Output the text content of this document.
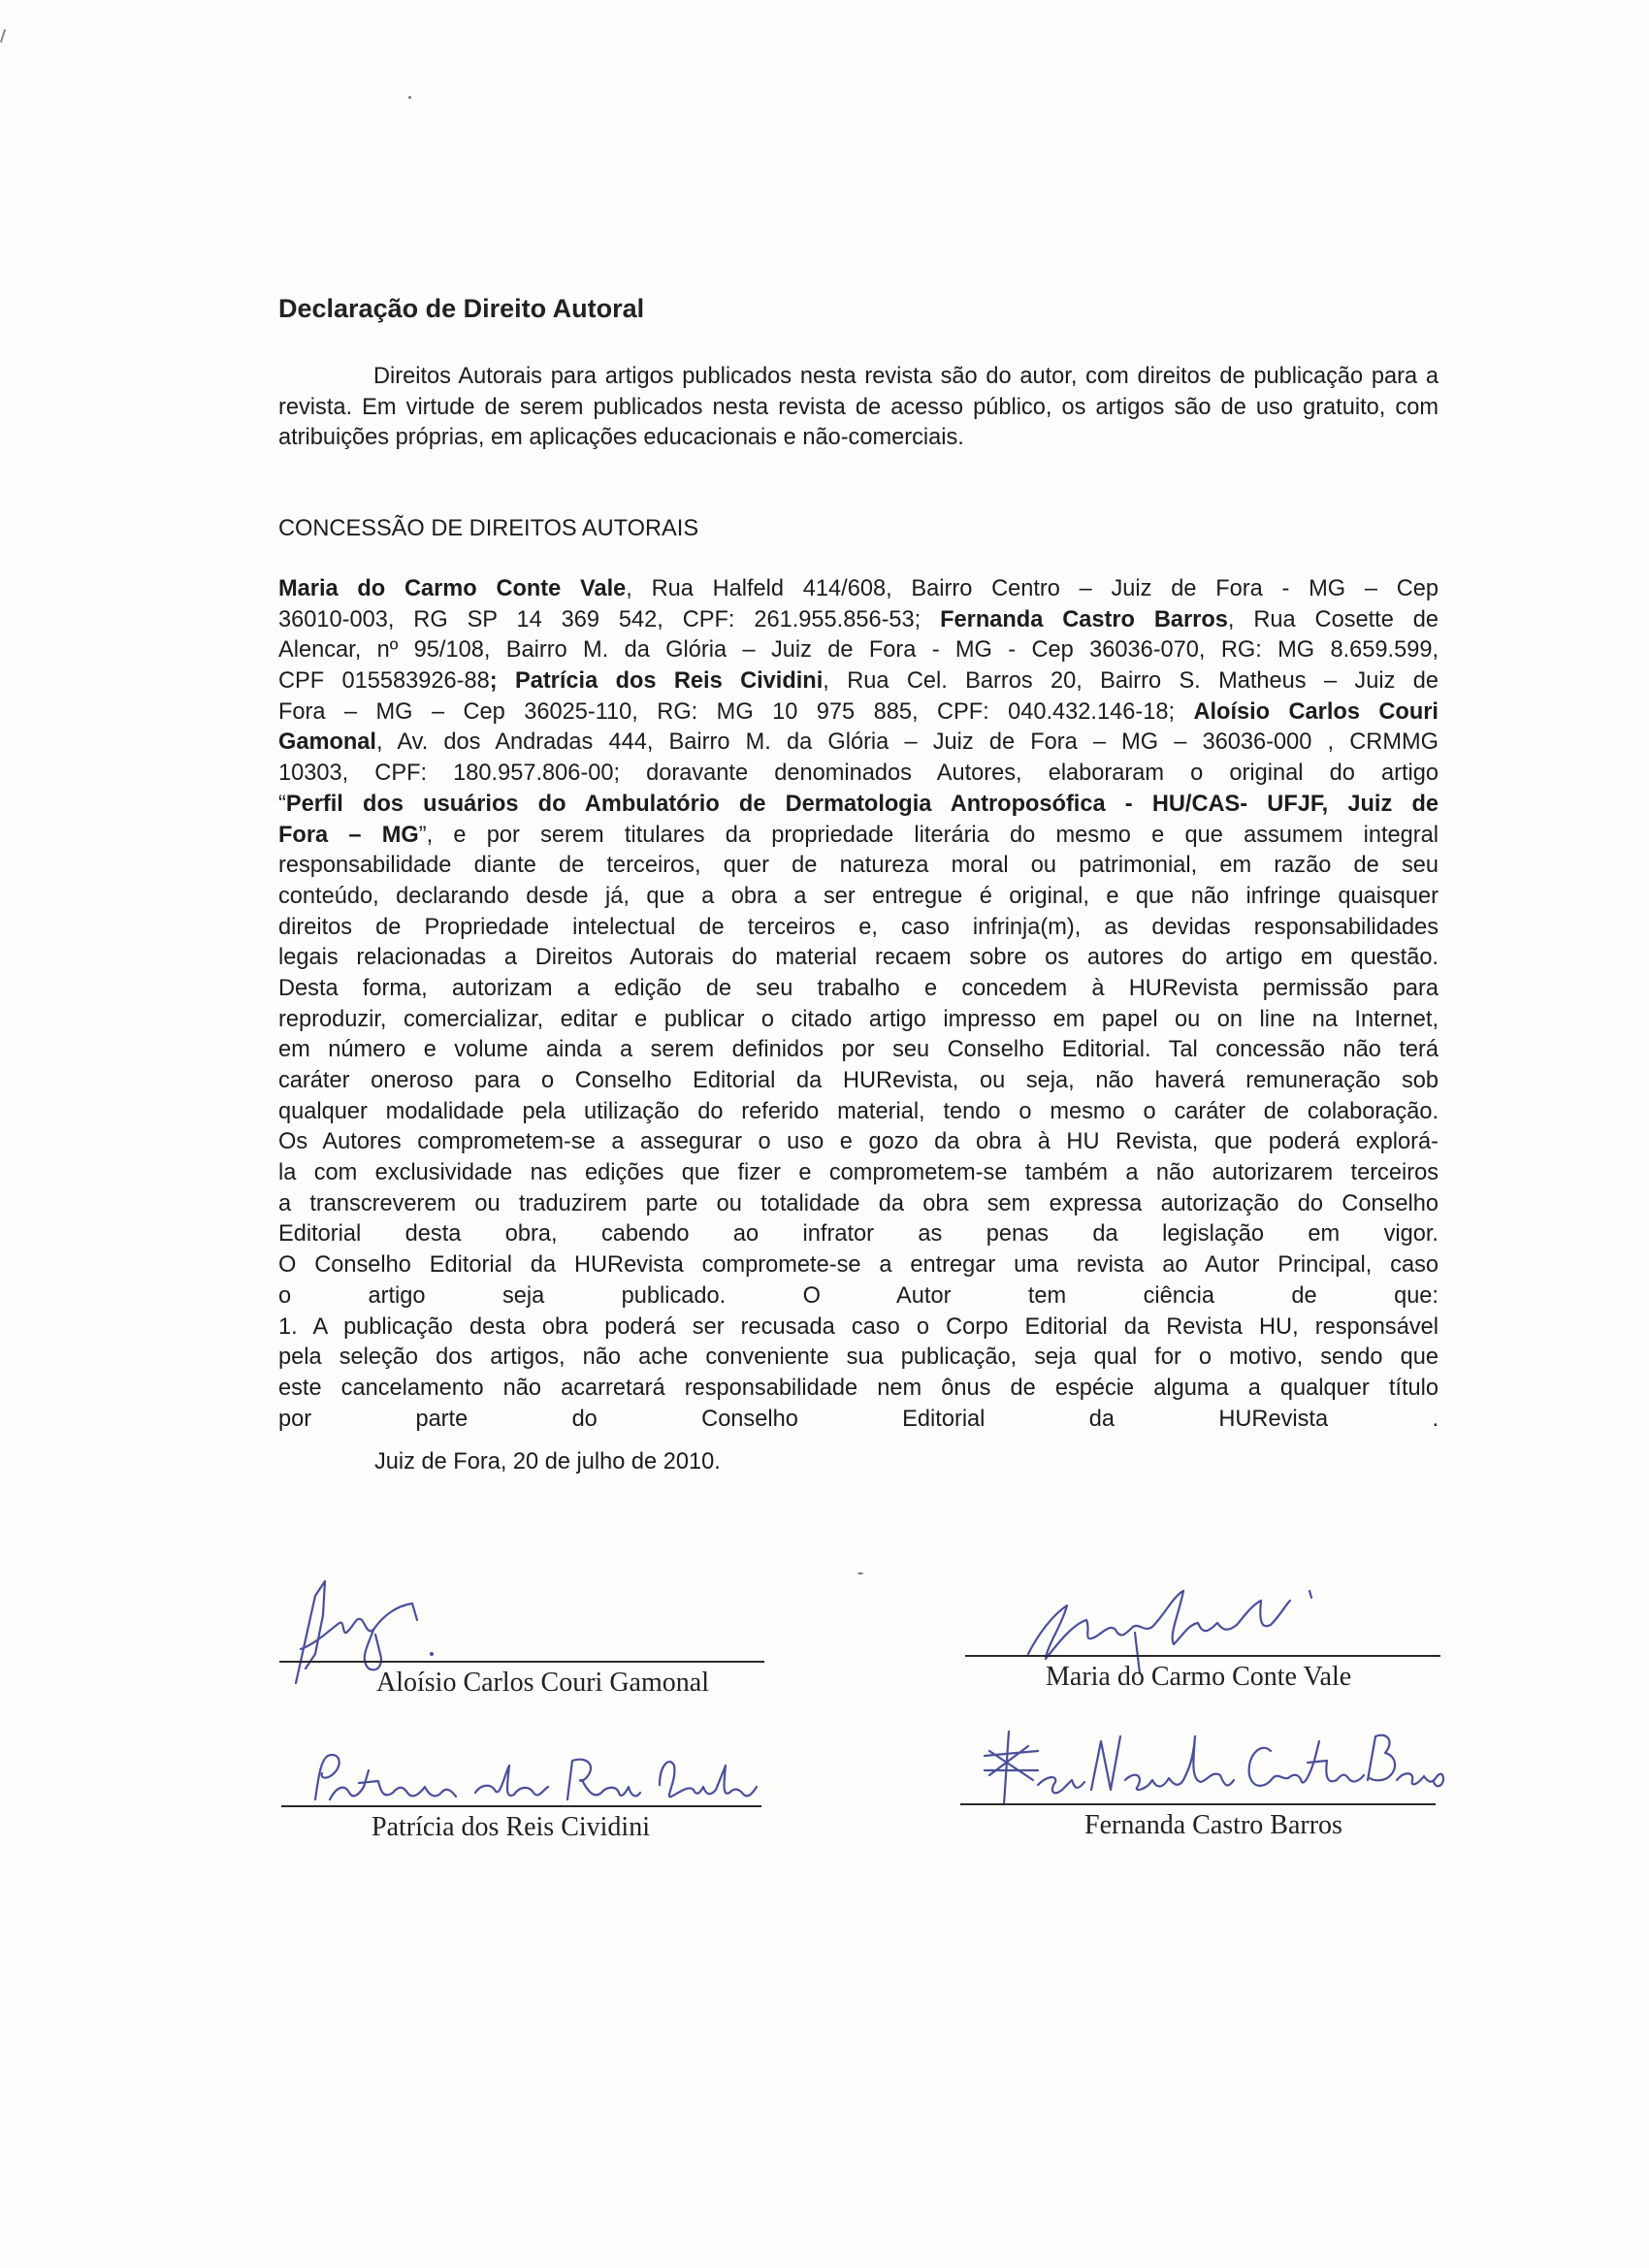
Declaração de Direito Autoral
Direitos Autorais para artigos publicados nesta revista são do autor, com direitos de publicação para a revista. Em virtude de serem publicados nesta revista de acesso público, os artigos são de uso gratuito, com atribuições próprias, em aplicações educacionais e não-comerciais.
CONCESSÃO DE DIREITOS AUTORAIS
Maria do Carmo Conte Vale, Rua Halfeld 414/608, Bairro Centro – Juiz de Fora - MG – Cep
36010-003, RG SP 14 369 542, CPF: 261.955.856-53; Fernanda Castro Barros, Rua Cosette de
Alencar, nº 95/108, Bairro M. da Glória – Juiz de Fora - MG - Cep 36036-070, RG: MG 8.659.599,
CPF 015583926-88; Patrícia dos Reis Cividini, Rua Cel. Barros 20, Bairro S. Matheus – Juiz de
Fora – MG – Cep 36025-110, RG: MG 10 975 885, CPF: 040.432.146-18; Aloísio Carlos Couri
Gamonal, Av. dos Andradas 444, Bairro M. da Glória – Juiz de Fora – MG – 36036-000 , CRMMG
10303, CPF: 180.957.806-00; doravante denominados Autores, elaboraram o original do artigo
“Perfil dos usuários do Ambulatório de Dermatologia Antroposófica - HU/CAS- UFJF, Juiz de
Fora – MG”, e por serem titulares da propriedade literária do mesmo e que assumem integral
responsabilidade diante de terceiros, quer de natureza moral ou patrimonial, em razão de seu
conteúdo, declarando desde já, que a obra a ser entregue é original, e que não infringe quaisquer
direitos de Propriedade intelectual de terceiros e, caso infrinja(m), as devidas responsabilidades
legais relacionadas a Direitos Autorais do material recaem sobre os autores do artigo em questão.
Desta forma, autorizam a edição de seu trabalho e concedem à HURevista permissão para
reproduzir, comercializar, editar e publicar o citado artigo impresso em papel ou on line na Internet,
em número e volume ainda a serem definidos por seu Conselho Editorial. Tal concessão não terá
caráter oneroso para o Conselho Editorial da HURevista, ou seja, não haverá remuneração sob
qualquer modalidade pela utilização do referido material, tendo o mesmo o caráter de colaboração.
Os Autores comprometem-se a assegurar o uso e gozo da obra à HU Revista, que poderá explorá-
la com exclusividade nas edições que fizer e comprometem-se também a não autorizarem terceiros
a transcreverem ou traduzirem parte ou totalidade da obra sem expressa autorização do Conselho
Editorial desta obra, cabendo ao infrator as penas da legislação em vigor.
O Conselho Editorial da HURevista compromete-se a entregar uma revista ao Autor Principal, caso
o artigo seja publicado. O Autor tem ciência de que:
1. A publicação desta obra poderá ser recusada caso o Corpo Editorial da Revista HU, responsável
pela seleção dos artigos, não ache conveniente sua publicação, seja qual for o motivo, sendo que
este cancelamento não acarretará responsabilidade nem ônus de espécie alguma a qualquer título
por parte do Conselho Editorial da HURevista .
Juiz de Fora, 20 de julho de 2010.
Aloísio Carlos Couri Gamonal	Maria do Carmo Conte Vale
Patrícia dos Reis Cividini	Fernanda Castro Barros
